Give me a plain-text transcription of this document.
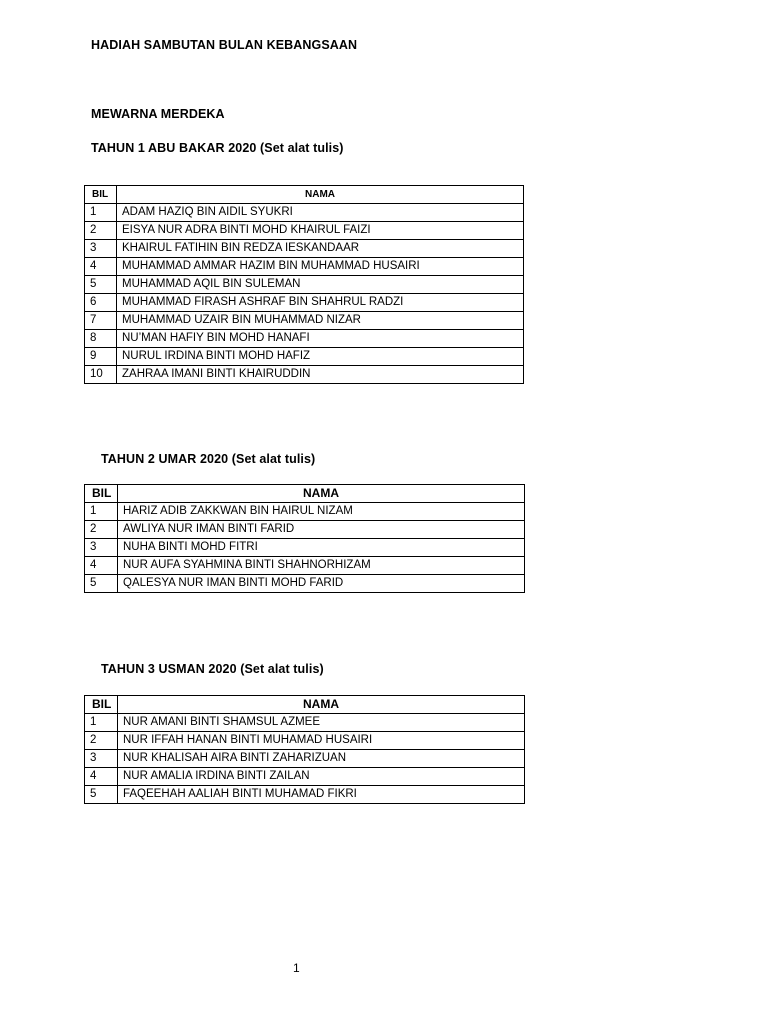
HADIAH SAMBUTAN BULAN KEBANGSAAN
MEWARNA MERDEKA
TAHUN 1 ABU BAKAR 2020 (Set alat tulis)
BIL	NAMA
1	ADAM HAZIQ BIN AIDIL SYUKRI
2	EISYA NUR ADRA BINTI MOHD KHAIRUL FAIZI
3	KHAIRUL FATIHIN BIN REDZA IESKANDAAR
4	MUHAMMAD AMMAR HAZIM BIN MUHAMMAD HUSAIRI
5	MUHAMMAD AQIL BIN SULEMAN
6	MUHAMMAD FIRASH ASHRAF BIN SHAHRUL RADZI
7	MUHAMMAD UZAIR BIN MUHAMMAD NIZAR
8	NU’MAN HAFIY BIN MOHD HANAFI
9	NURUL IRDINA BINTI MOHD HAFIZ
10	ZAHRAA IMANI BINTI KHAIRUDDIN
TAHUN 2 UMAR 2020 (Set alat tulis)
BIL	NAMA
1	HARIZ ADIB ZAKKWAN BIN HAIRUL NIZAM
2	AWLIYA NUR IMAN BINTI FARID
3	NUHA BINTI MOHD FITRI
4	NUR AUFA SYAHMINA BINTI SHAHNORHIZAM
5	QALESYA NUR IMAN BINTI MOHD FARID
TAHUN 3 USMAN 2020 (Set alat tulis)
BIL	NAMA
1	NUR AMANI BINTI SHAMSUL AZMEE
2	NUR IFFAH HANAN BINTI MUHAMAD HUSAIRI
3	NUR KHALISAH AIRA BINTI ZAHARIZUAN
4	NUR AMALIA IRDINA BINTI ZAILAN
5	FAQEEHAH AALIAH BINTI MUHAMAD FIKRI
1
